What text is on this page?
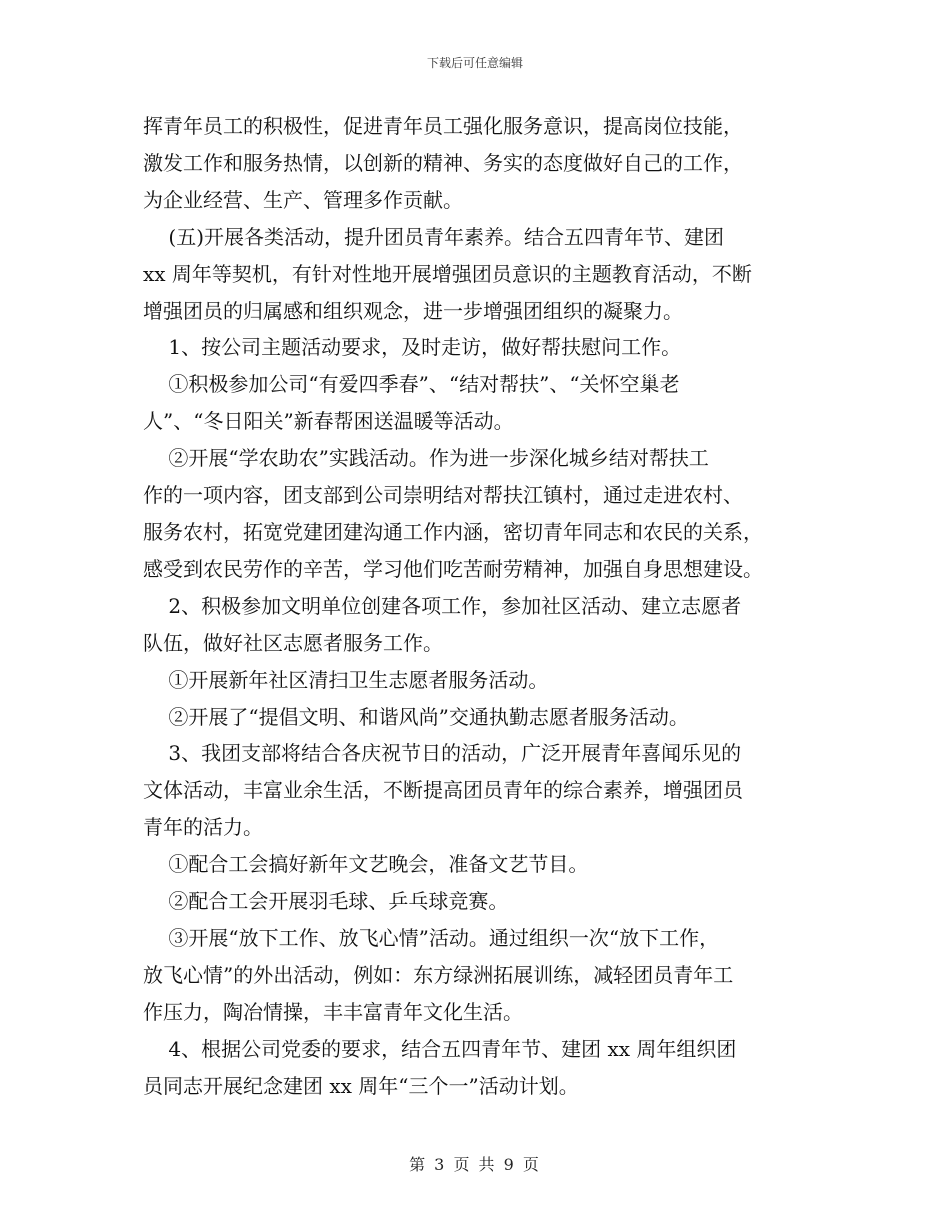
下载后可任意编辑

挥青年员工的积极性，促进青年员工强化服务意识，提高岗位技能，

激发工作和服务热情，以创新的精神、务实的态度做好自己的工作，

为企业经营、生产、管理多作贡献。

(五)开展各类活动，提升团员青年素养。结合五四青年节、建团

xx 周年等契机，有针对性地开展增强团员意识的主题教育活动，不断

增强团员的归属感和组织观念，进一步增强团组织的凝聚力。

1、按公司主题活动要求，及时走访，做好帮扶慰问工作。

①积极参加公司“有爱四季春”、“结对帮扶”、“关怀空巢老

人”、“冬日阳关”新春帮困送温暖等活动。

②开展“学农助农”实践活动。作为进一步深化城乡结对帮扶工

作的一项内容，团支部到公司崇明结对帮扶江镇村，通过走进农村、

服务农村，拓宽党建团建沟通工作内涵，密切青年同志和农民的关系，

感受到农民劳作的辛苦，学习他们吃苦耐劳精神，加强自身思想建设。

2、积极参加文明单位创建各项工作，参加社区活动、建立志愿者

队伍，做好社区志愿者服务工作。

①开展新年社区清扫卫生志愿者服务活动。

②开展了“提倡文明、和谐风尚”交通执勤志愿者服务活动。

3、我团支部将结合各庆祝节日的活动，广泛开展青年喜闻乐见的

文体活动，丰富业余生活，不断提高团员青年的综合素养，增强团员

青年的活力。

①配合工会搞好新年文艺晚会，准备文艺节目。

②配合工会开展羽毛球、乒乓球竞赛。

③开展“放下工作、放飞心情”活动。通过组织一次“放下工作，

放飞心情”的外出活动，例如：东方绿洲拓展训练，减轻团员青年工

作压力，陶冶情操，丰丰富青年文化生活。

4、根据公司党委的要求，结合五四青年节、建团 xx 周年组织团

员同志开展纪念建团 xx 周年“三个一”活动计划。

第 3 页 共 9 页
